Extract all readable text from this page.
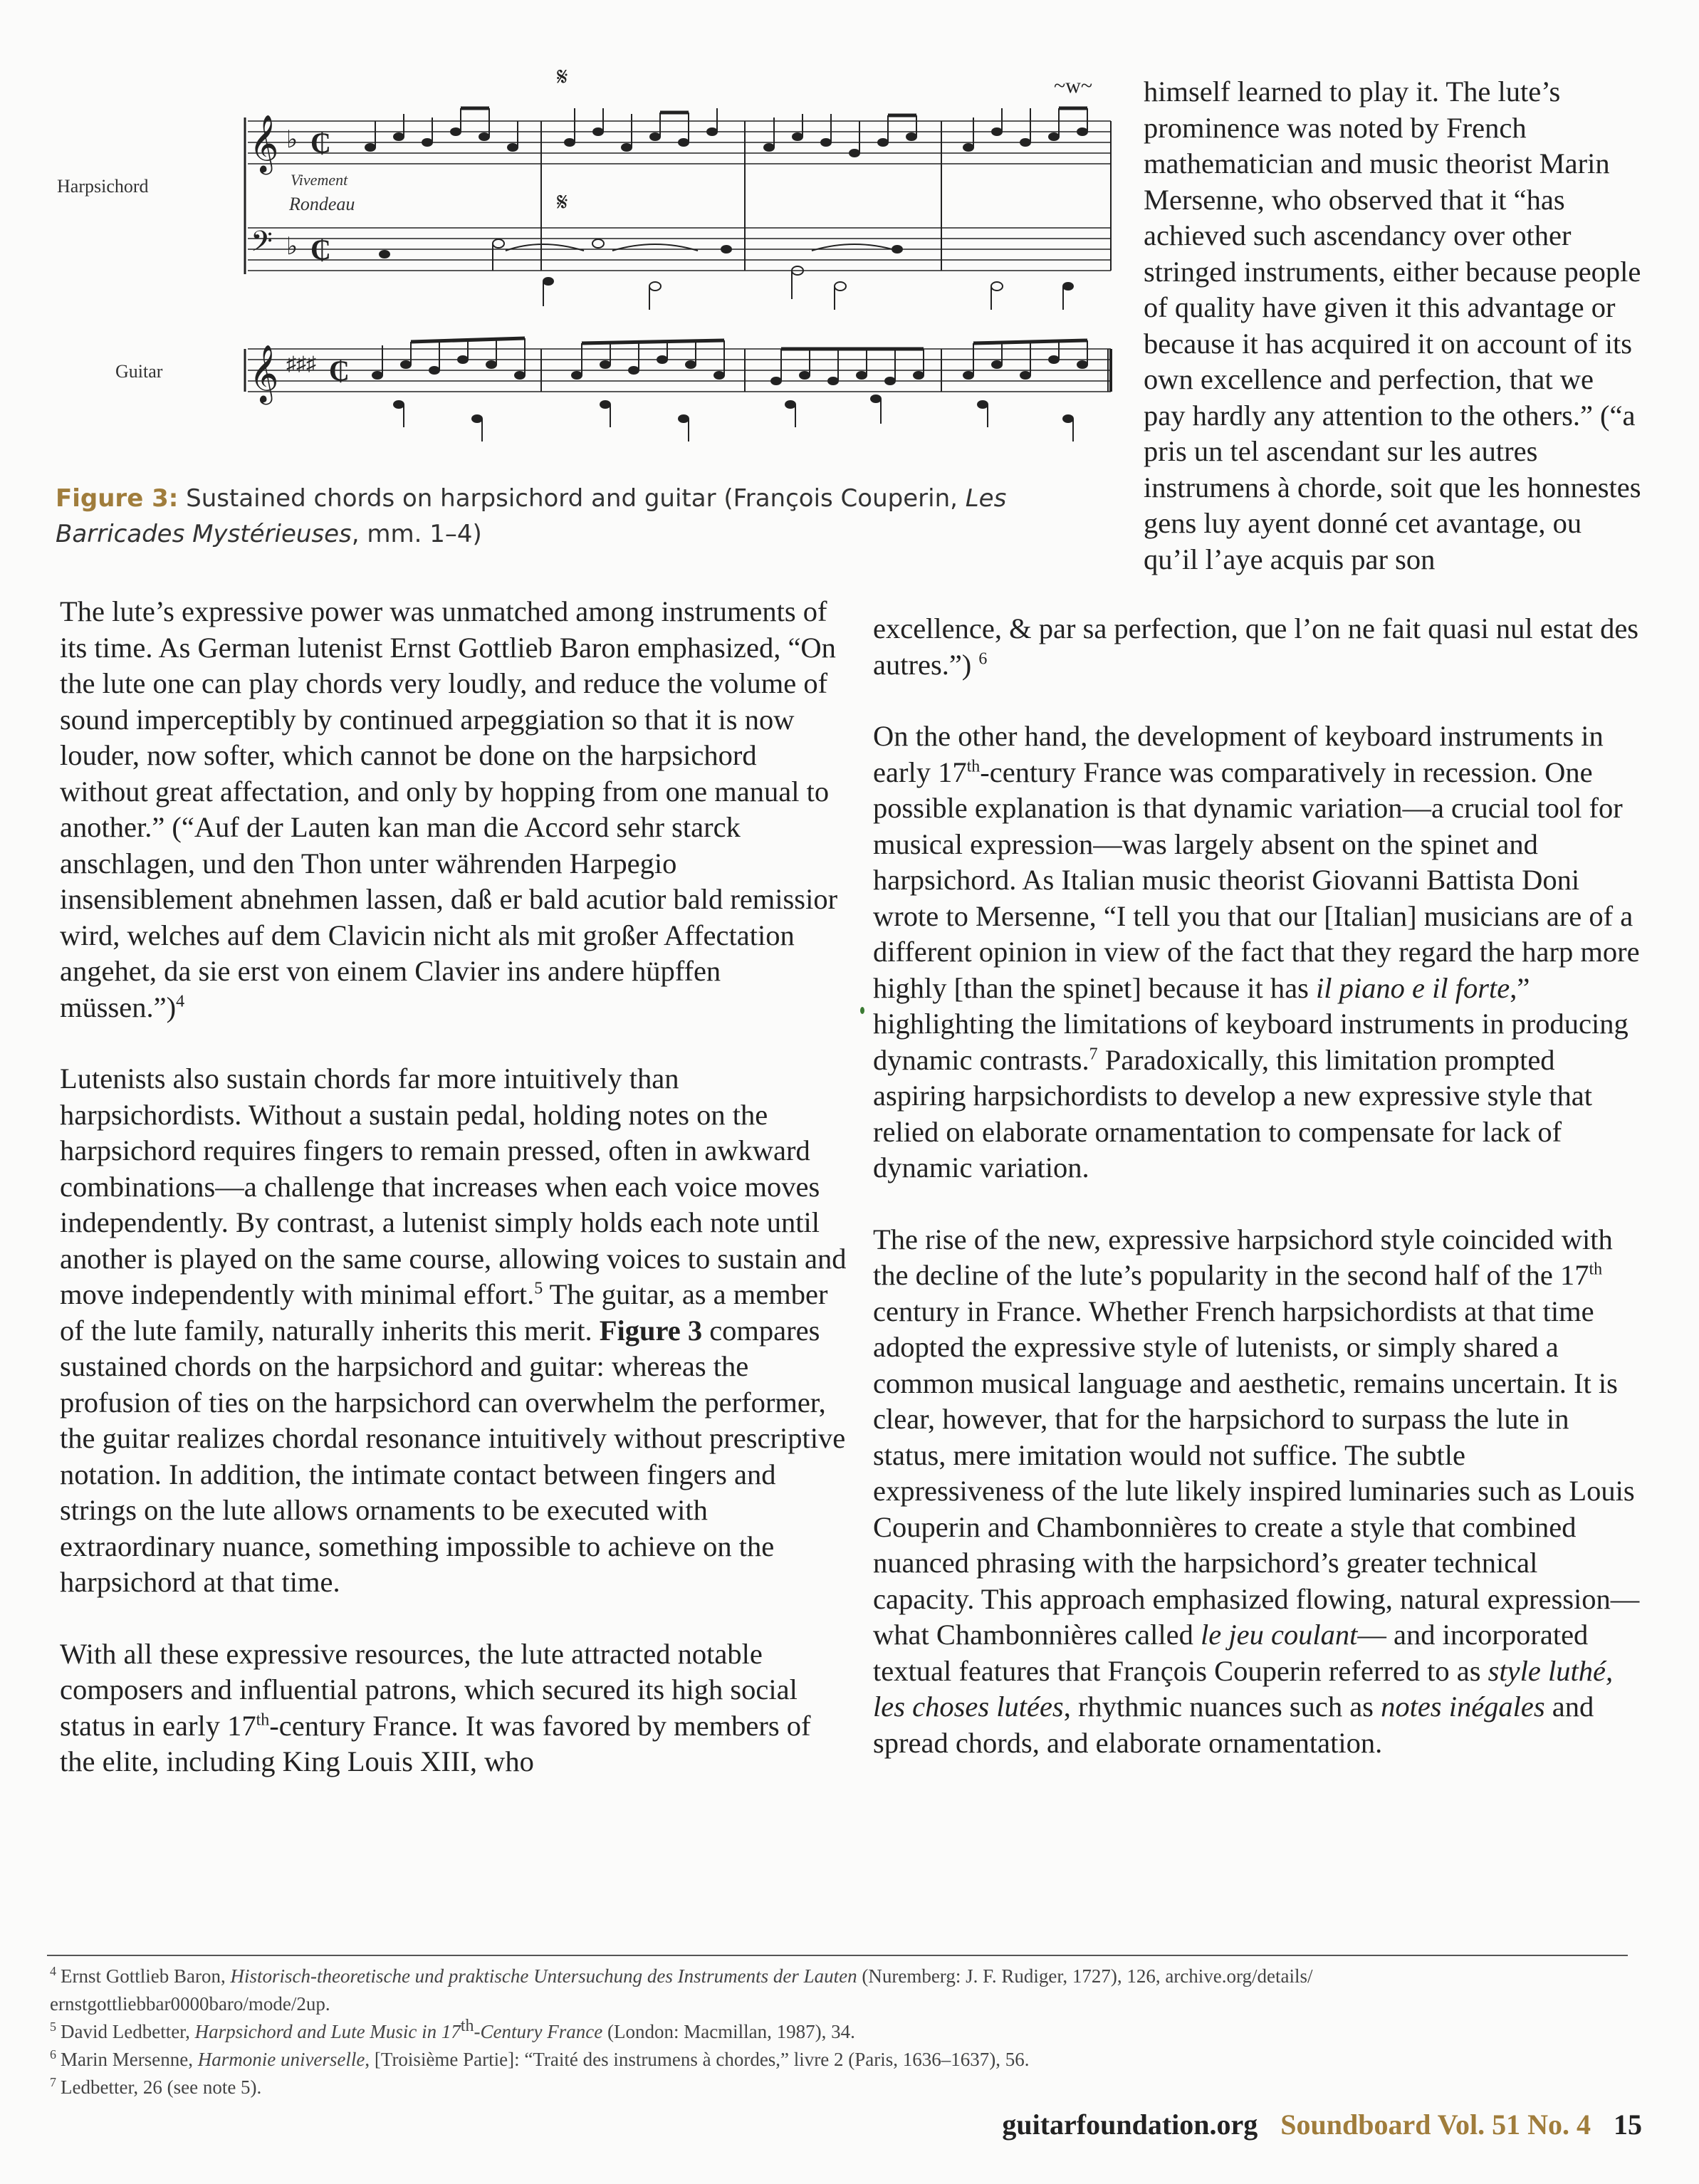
Harpsichord
Guitar
𝄞
𝄢
♭
♭
₵
₵
Vivement
Rondeau
𝄋
𝄋
~w~
𝄞 ♯♯♯ ₵
Figure 3: Sustained chords on harpsichord and guitar (François Couperin, Les Barricades Mystérieuses, mm. 1–4)

himself learned to play it. The lute’s prominence was noted by French mathematician and music theorist Marin Mersenne, who observed that it “has achieved such ascendancy over other stringed instruments, either because people of quality have given it this advantage or because it has acquired it on account of its own excellence and perfection, that we pay hardly any attention to the others.” (“a pris un tel ascendant sur les autres instrumens à chorde, soit que les honnestes gens luy ayent donné cet avantage, ou qu’il l’aye acquis par son

The lute’s expressive power was unmatched among instruments of its time. As German lutenist Ernst Gottlieb Baron emphasized, “On the lute one can play chords very loudly, and reduce the volume of sound imperceptibly by continued arpeggiation so that it is now louder, now softer, which cannot be done on the harpsichord without great affectation, and only by hopping from one manual to another.” (“Auf der Lauten kan man die Accord sehr starck anschlagen, und den Thon unter währenden Harpegio insensiblement abnehmen lassen, daß er bald acutior bald remissior wird, welches auf dem Clavicin nicht als mit großer Affectation angehet, da sie erst von einem Clavier ins andere hüpffen müssen.”)$^4$

Lutenists also sustain chords far more intuitively than harpsichordists. Without a sustain pedal, holding notes on the harpsichord requires fingers to remain pressed, often in awkward combinations—a challenge that increases when each voice moves independently. By contrast, a lutenist simply holds each note until another is played on the same course, allowing voices to sustain and move independently with minimal effort.$^5$ The guitar, as a member of the lute family, naturally inherits this merit. Figure 3 compares sustained chords on the harpsichord and guitar: whereas the profusion of ties on the harpsichord can overwhelm the performer, the guitar realizes chordal resonance intuitively without prescriptive notation. In addition, the intimate contact between fingers and strings on the lute allows ornaments to be executed with extraordinary nuance, something impossible to achieve on the harpsichord at that time.

With all these expressive resources, the lute attracted notable composers and influential patrons, which secured its high social status in early 17th-century France. It was favored by members of the elite, including King Louis XIII, who

excellence, & par sa perfection, que l’on ne fait quasi nul estat des autres.”) $^6$

On the other hand, the development of keyboard instruments in early 17th-century France was comparatively in recession. One possible explanation is that dynamic variation—a crucial tool for musical expression—was largely absent on the spinet and harpsichord. As Italian music theorist Giovanni Battista Doni wrote to Mersenne, “I tell you that our [Italian] musicians are of a different opinion in view of the fact that they regard the harp more highly [than the spinet] because it has il piano e il forte,” highlighting the limitations of keyboard instruments in producing dynamic contrasts.$^7$ Paradoxically, this limitation prompted aspiring harpsichordists to develop a new expressive style that relied on elaborate ornamentation to compensate for lack of dynamic variation.

The rise of the new, expressive harpsichord style coincided with the decline of the lute’s popularity in the second half of the 17th century in France. Whether French harpsichordists at that time adopted the expressive style of lutenists, or simply shared a common musical language and aesthetic, remains uncertain. It is clear, however, that for the harpsichord to surpass the lute in status, mere imitation would not suffice. The subtle expressiveness of the lute likely inspired luminaries such as Louis Couperin and Chambonnières to create a style that combined nuanced phrasing with the harpsichord’s greater technical capacity. This approach emphasized flowing, natural expression—what Chambonnières called le jeu coulant— and incorporated textual features that François Couperin referred to as style luthé, les choses lutées, rhythmic nuances such as notes inégales and spread chords, and elaborate ornamentation.

$^4$ Ernst Gottlieb Baron, Historisch-theoretische und praktische Untersuchung des Instruments der Lauten (Nuremberg: J. F. Rudiger, 1727), 126, archive.org/details/
ernstgottliebbar0000baro/mode/2up.

$^5$ David Ledbetter, Harpsichord and Lute Music in 17th-Century France (London: Macmillan, 1987), 34.

$^6$ Marin Mersenne, Harmonie universelle, [Troisième Partie]: “Traité des instrumens à chordes,” livre 2 (Paris, 1636–1637), 56.

$^7$ Ledbetter, 26 (see note 5).

guitarfoundation.org Soundboard Vol. 51 No. 4 15
